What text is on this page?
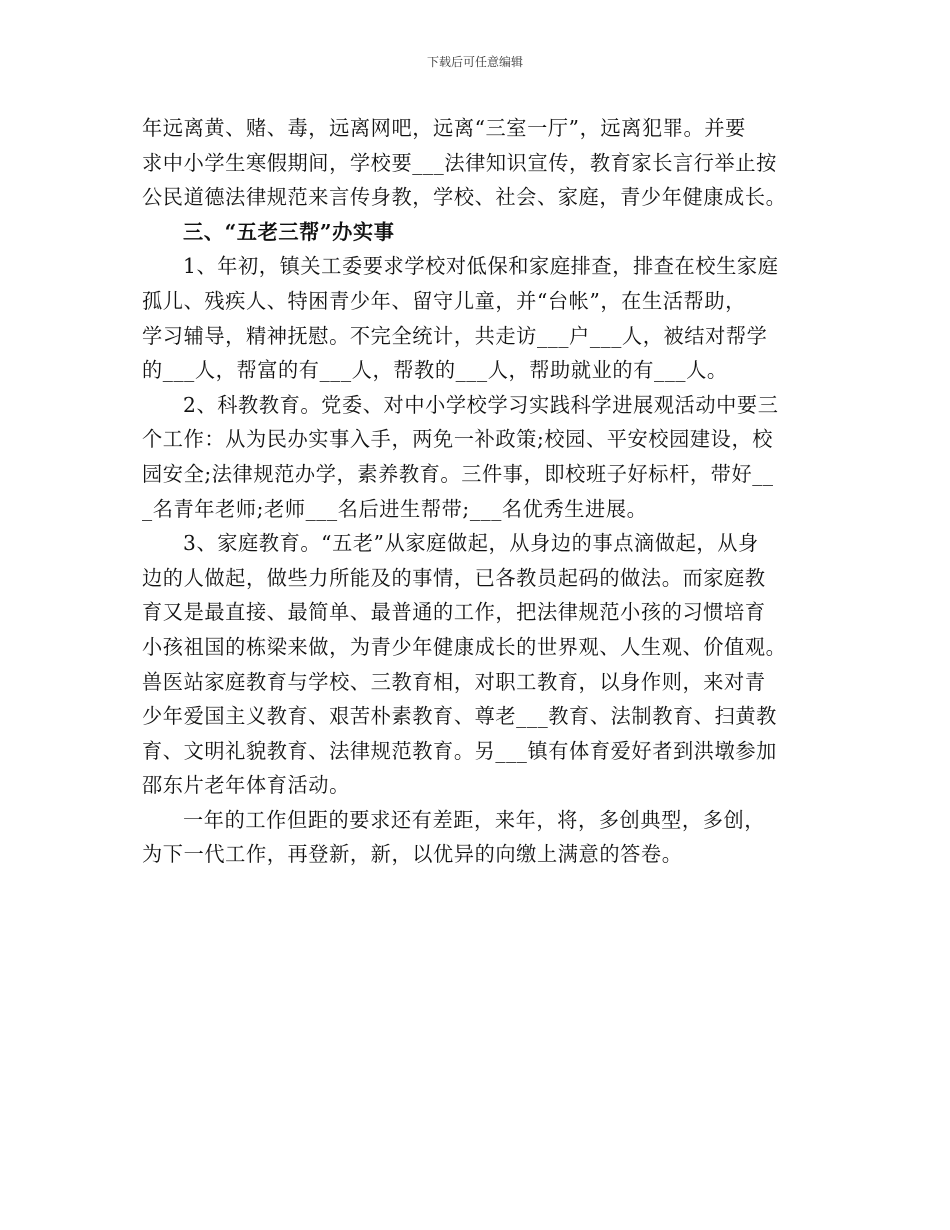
下载后可任意编辑
年远离黄、赌、毒，远离网吧，远离“三室一厅”，远离犯罪。并要
求中小学生寒假期间，学校要___法律知识宣传，教育家长言行举止按
公民道德法律规范来言传身教，学校、社会、家庭，青少年健康成长。
三、“五老三帮”办实事
1、年初，镇关工委要求学校对低保和家庭排查，排查在校生家庭
孤儿、残疾人、特困青少年、留守儿童，并“台帐”，在生活帮助，
学习辅导，精神抚慰。不完全统计，共走访___户___人，被结对帮学
的___人，帮富的有___人，帮教的___人，帮助就业的有___人。
2、科教教育。党委、对中小学校学习实践科学进展观活动中要三
个工作：从为民办实事入手，两免一补政策;校园、平安校园建设，校
园安全;法律规范办学，素养教育。三件事，即校班子好标杆，带好__
_名青年老师;老师___名后进生帮带;___名优秀生进展。
3、家庭教育。“五老”从家庭做起，从身边的事点滴做起，从身
边的人做起，做些力所能及的事情，已各教员起码的做法。而家庭教
育又是最直接、最简单、最普通的工作，把法律规范小孩的习惯培育
小孩祖国的栋梁来做，为青少年健康成长的世界观、人生观、价值观。
兽医站家庭教育与学校、三教育相，对职工教育，以身作则，来对青
少年爱国主义教育、艰苦朴素教育、尊老___教育、法制教育、扫黄教
育、文明礼貌教育、法律规范教育。另___镇有体育爱好者到洪墩参加
邵东片老年体育活动。
一年的工作但距的要求还有差距，来年，将，多创典型，多创，
为下一代工作，再登新，新，以优异的向缴上满意的答卷。
